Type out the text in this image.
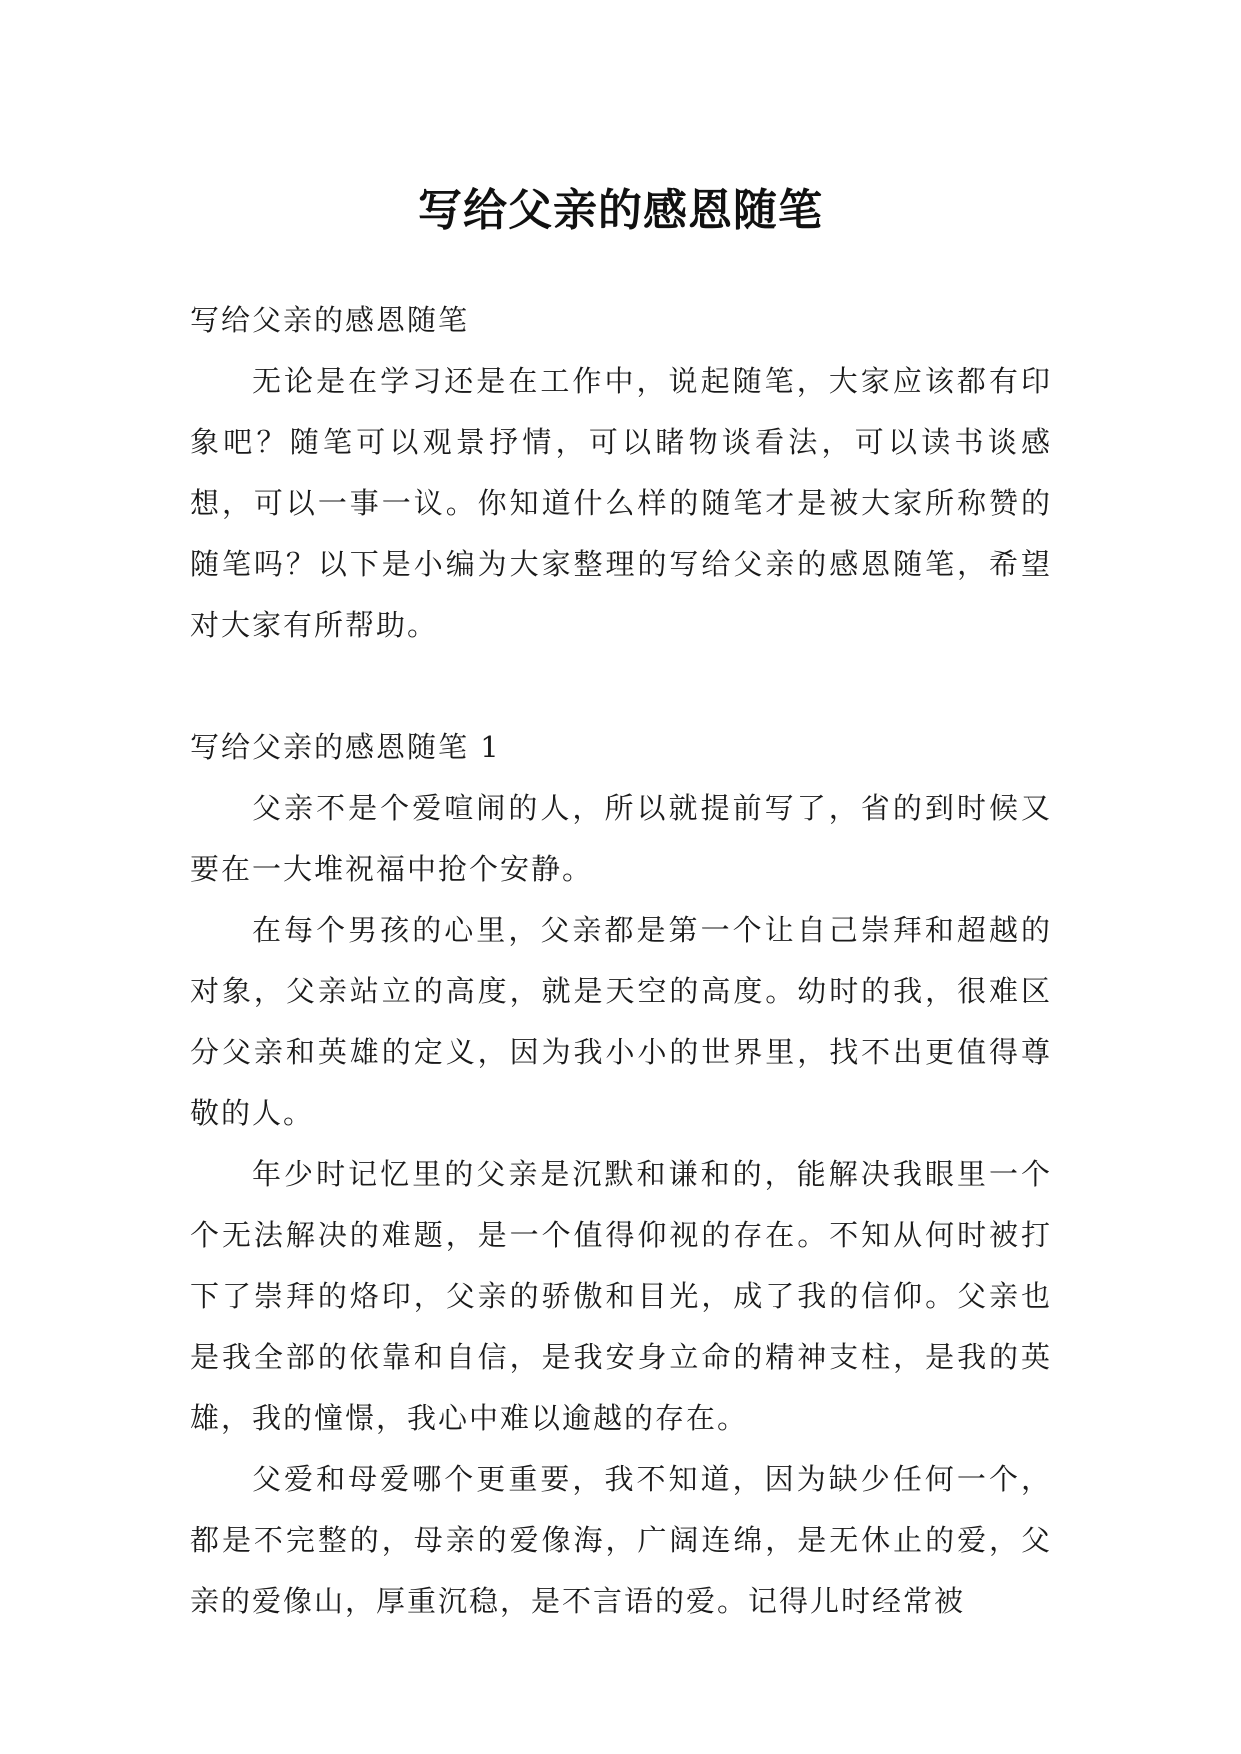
写给父亲的感恩随笔
写给父亲的感恩随笔

无论是在学习还是在工作中，说起随笔，大家应该都有印象吧？随笔可以观景抒情，可以睹物谈看法，可以读书谈感想，可以一事一议。你知道什么样的随笔才是被大家所称赞的随笔吗？以下是小编为大家整理的写给父亲的感恩随笔，希望对大家有所帮助。

写给父亲的感恩随笔 1

父亲不是个爱喧闹的人，所以就提前写了，省的到时候又要在一大堆祝福中抢个安静。

在每个男孩的心里，父亲都是第一个让自己崇拜和超越的对象，父亲站立的高度，就是天空的高度。幼时的我，很难区分父亲和英雄的定义，因为我小小的世界里，找不出更值得尊敬的人。

年少时记忆里的父亲是沉默和谦和的，能解决我眼里一个个无法解决的难题，是一个值得仰视的存在。不知从何时被打下了崇拜的烙印，父亲的骄傲和目光，成了我的信仰。父亲也是我全部的依靠和自信，是我安身立命的精神支柱，是我的英雄，我的憧憬，我心中难以逾越的存在。

父爱和母爱哪个更重要，我不知道，因为缺少任何一个，都是不完整的，母亲的爱像海，广阔连绵，是无休止的爱，父亲的爱像山，厚重沉稳，是不言语的爱。记得儿时经常被
